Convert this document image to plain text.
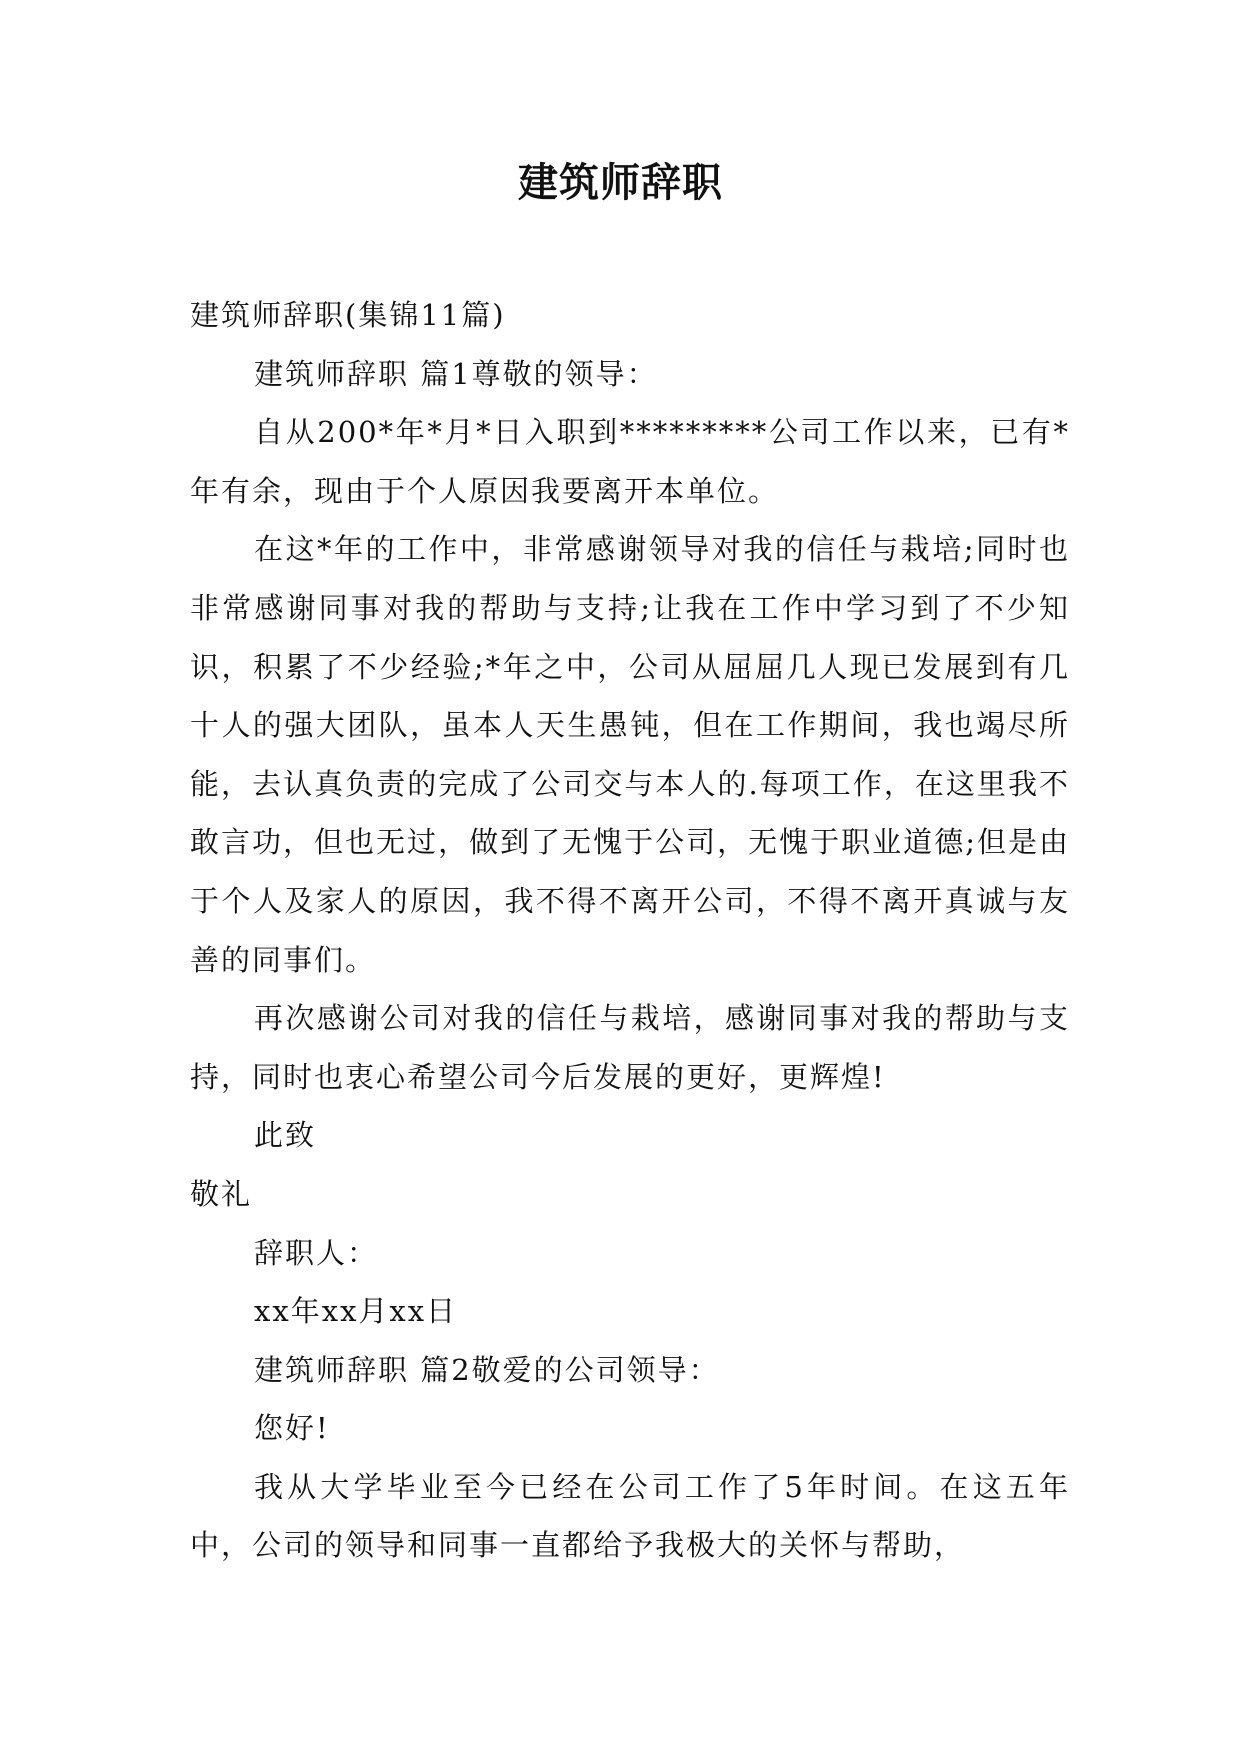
建筑师辞职

建筑师辞职(集锦11篇)

建筑师辞职 篇1尊敬的领导：

自从200*年*月*日入职到*********公司工作以来，已有*年有余，现由于个人原因我要离开本单位。

在这*年的工作中，非常感谢领导对我的信任与栽培;同时也非常感谢同事对我的帮助与支持;让我在工作中学习到了不少知识，积累了不少经验;*年之中，公司从屈屈几人现已发展到有几十人的强大团队，虽本人天生愚钝，但在工作期间，我也竭尽所能，去认真负责的完成了公司交与本人的.每项工作，在这里我不敢言功，但也无过，做到了无愧于公司，无愧于职业道德;但是由于个人及家人的原因，我不得不离开公司，不得不离开真诚与友善的同事们。

再次感谢公司对我的信任与栽培，感谢同事对我的帮助与支持，同时也衷心希望公司今后发展的更好，更辉煌!

此致

敬礼

辞职人：

xx年xx月xx日

建筑师辞职 篇2敬爱的公司领导：

您好!

我从大学毕业至今已经在公司工作了5年时间。在这五年中，公司的领导和同事一直都给予我极大的关怀与帮助，
